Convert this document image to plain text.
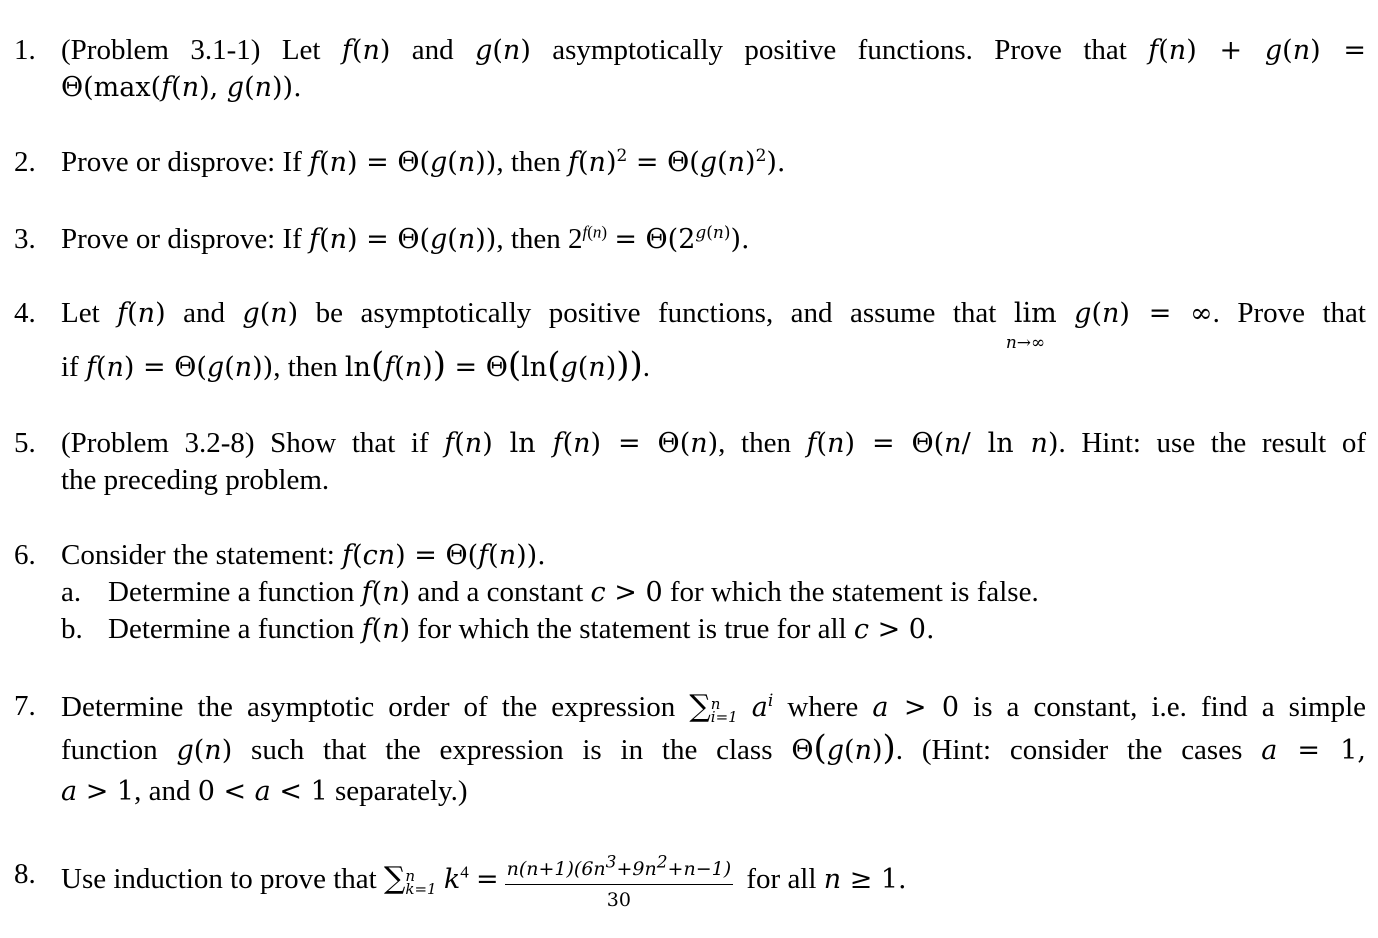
1. (Problem 3.1-1) Let f(n) and g(n) asymptotically positive functions. Prove that f(n) + g(n) =
Θ(max(f(n), g(n)).
2. Prove or disprove: If f(n) = Θ(g(n)), then $f(n)^2 = \Theta(g(n)^2)$.
3. Prove or disprove: If f(n) = Θ(g(n)), then $2^{f(n)} = \Theta(2^{g(n)})$.
4. Let f(n) and g(n) be asymptotically positive functions, and assume that lim
n→∞
g(n) = ∞. Prove that
if f(n) = Θ(g(n)), then ln(f(n)) = Θ(ln(g(n))).
5. (Problem 3.2-8) Show that if f(n) ln f(n) = Θ(n), then f(n) = Θ(n/ ln n). Hint: use the result of
the preceding problem.
6. Consider the statement: f(cn) = Θ(f(n)).
a. Determine a function f(n) and a constant c > 0 for which the statement is false.
b. Determine a function f(n) for which the statement is true for all c > 0.
7. Determine the asymptotic order of the expression ∑n
i=1 $a^i$ where a > 0 is a constant, i.e. find a simple
function g(n) such that the expression is in the class Θ(g(n)). (Hint: consider the cases a = 1,
a > 1, and 0 < a < 1 separately.)
8. Use induction to prove that ∑n
k=1 $k^4 = \frac{n(n+1)(6n^3+9n^2+n-1)}{30}$ for all n ≥ 1.
